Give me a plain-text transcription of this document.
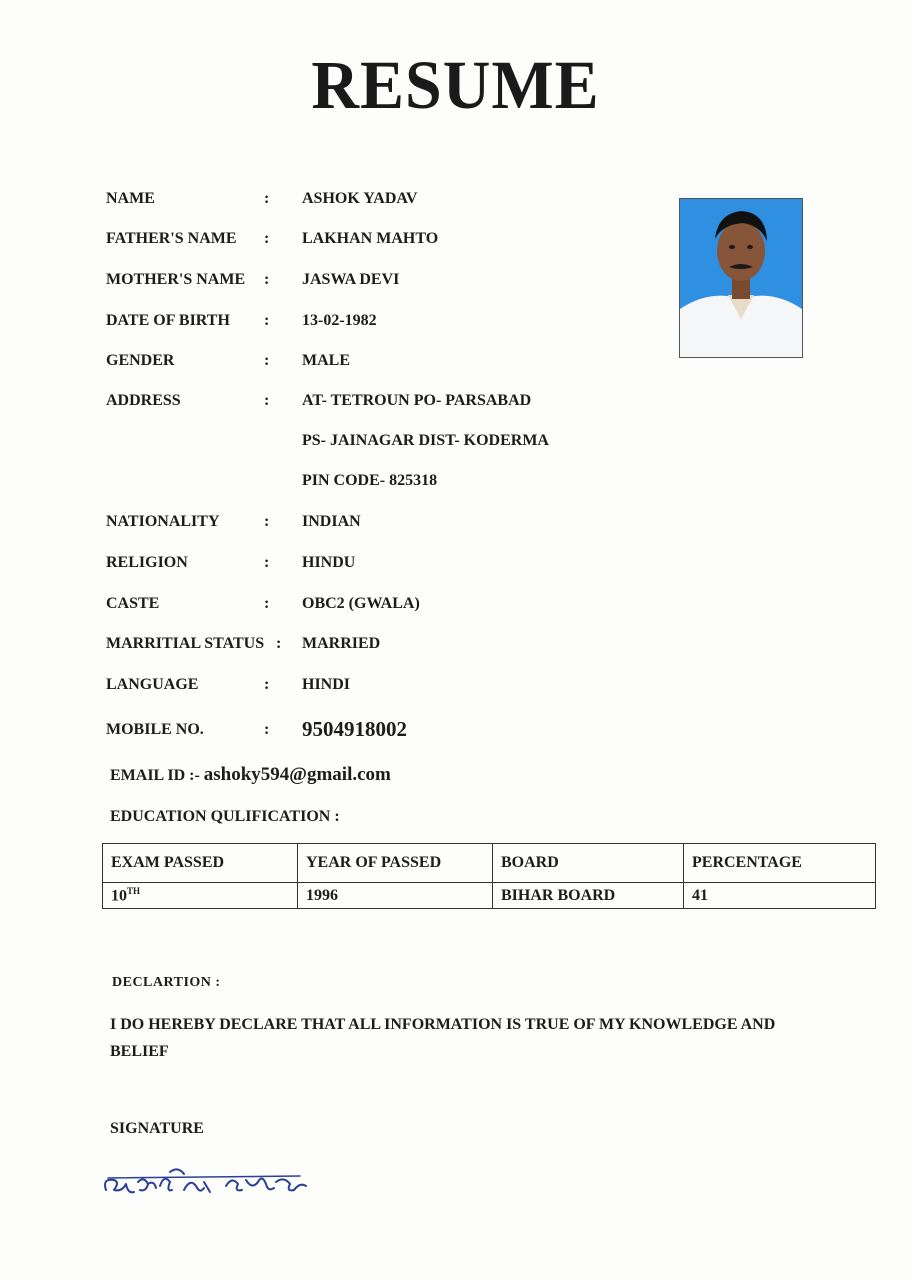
RESUME
NAME	: ASHOK YADAV
FATHER'S NAME : LAKHAN MAHTO
MOTHER'S NAME : JASWA DEVI
DATE OF BIRTH : 13-02-1982
GENDER	: MALE
ADDRESS	: AT- TETROUN PO- PARSABAD
PS- JAINAGAR DIST- KODERMA
PIN CODE- 825318
NATIONALITY	: INDIAN
RELIGION	: HINDU
CASTE	: OBC2 (GWALA)
MARRITIAL STATUS : MARRIED
LANGUAGE	: HINDI
MOBILE NO.	: 9504918002
EMAIL ID :- ashoky594@gmail.com
EDUCATION QULIFICATION :
EXAM PASSED	YEAR OF PASSED	BOARD	PERCENTAGE
10TH	1996	BIHAR BOARD	41
DECLARTION :
I DO HEREBY DECLARE THAT ALL INFORMATION IS TRUE OF MY KNOWLEDGE AND BELIEF
SIGNATURE
